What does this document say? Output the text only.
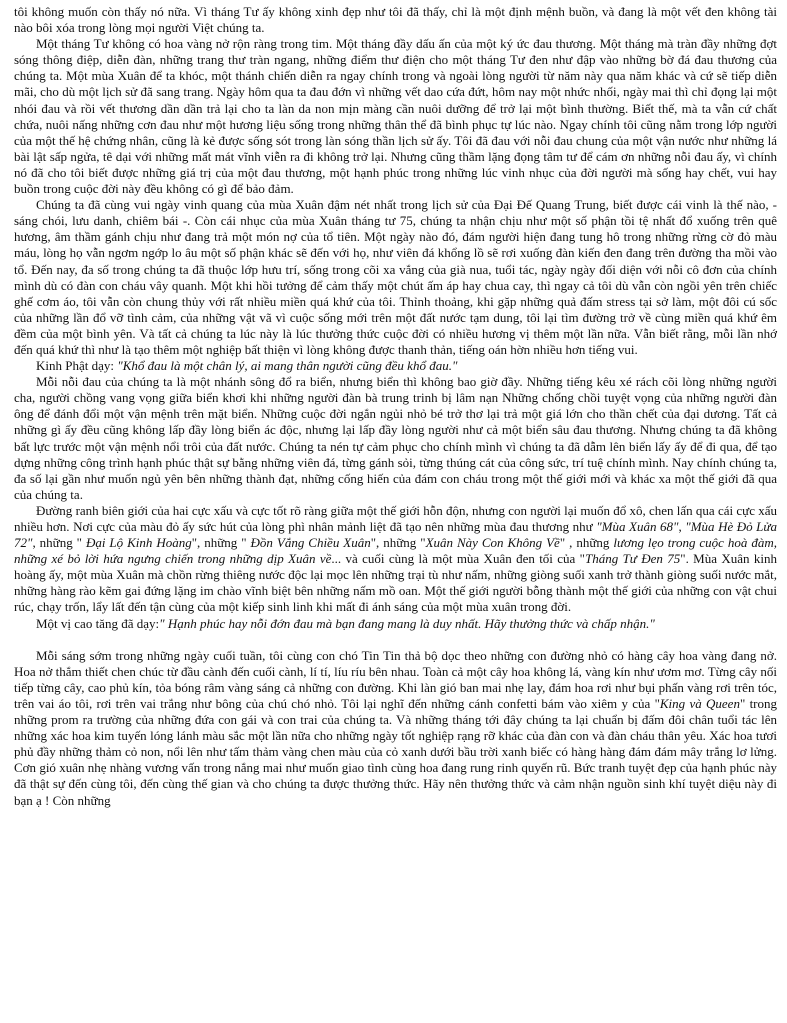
tôi không muốn còn thấy nó nữa. Vì tháng Tư ấy không xinh đẹp như tôi đã thấy, chỉ là một định mệnh buồn, và đang là một vết đen không tài nào bôi xóa trong lòng mọi người Việt chúng ta.

Một tháng Tư không có hoa vàng nở rộn ràng trong tim. Một tháng đầy dấu ấn của một ký ức đau thương. Một tháng mà tràn đầy những đợt sóng thông điệp, diễn đàn, những trang thư tràn ngang, những điểm thư điện cho một tháng Tư đen như đập vào những bờ đá đau thương của chúng ta. Một mùa Xuân để ta khóc, một thánh chiến diễn ra ngay chính trong và ngoài lòng người từ năm này qua năm khác và cứ sẽ tiếp diễn mãi, cho dù một lịch sử đã sang trang. Ngày hôm qua ta đau đớn vì những vết dao cứa đứt, hôm nay một nhức nhối, ngày mai thì chỉ đọng lại một nhói đau và rồi vết thương dần dần trả lại cho ta làn da non mịn màng cần nuôi dưỡng để trở lại một bình thường. Biết thế, mà ta vẫn cứ chất chứa, nuôi nấng những cơn đau như một hương liệu sống trong những thân thể đã bình phục tự lúc nào. Ngay chính tôi cũng nằm trong lớp người của một thế hệ chứng nhân, cũng là kẻ được sống sót trong làn sóng thần lịch sử ấy. Tôi đã đau với nỗi đau chung của một vận nước như những lá bài lật sấp ngửa, tê dại với những mất mát vĩnh viễn ra đi không trở lại. Nhưng cũng thầm lặng đọng tâm tư để cám ơn những nỗi đau ấy, vì chính nó đã cho tôi biết được những giá trị của một đau thương, một hạnh phúc trong những lúc vinh nhục của đời người mà sống hay chết, vui hay buồn trong cuộc đời này đều không có gì để bảo đảm.

Chúng ta đã cùng vui ngày vinh quang của mùa Xuân đậm nét nhất trong lịch sử của Đại Đế Quang Trung, biết được cái vinh là thế nào, - sáng chói, lưu danh, chiêm bái -. Còn cái nhục của mùa Xuân tháng tư 75, chúng ta nhận chịu như một số phận tồi tệ nhất đổ xuống trên quê hương, âm thầm gánh chịu như đang trả một món nợ của tổ tiên. Một ngày nào đó, đám người hiện đang tung hô trong những rừng cờ đỏ màu máu, lòng họ vẫn ngơm ngớp lo âu một số phận khác sẽ đến với họ, như viên đá khổng lồ sẽ rơi xuống đàn kiến đen đang trên đường tha mồi vào tổ. Đến nay, đa số trong chúng ta đã thuộc lớp hưu trí, sống trong cõi xa vắng của già nua, tuổi tác, ngày ngày đối diện với nỗi cô đơn của chính mình dù có đàn con cháu vây quanh. Một khi hồi tưởng để cảm thấy một chút ấm áp hay chua cay, thì ngay cả tôi dù vẫn còn ngồi yên trên chiếc ghế cơm áo, tôi vẫn còn chung thủy với rất nhiều miền quá khứ của tôi. Thỉnh thoảng, khi gặp những quả đấm stress tại sở làm, một đôi cú sốc của những lần đổ vỡ tình cảm, của những vật vã vì cuộc sống mới trên một đất nước tạm dung, tôi lại tìm đường trở về cùng miền quá khứ êm đềm của một bình yên. Và tất cả chúng ta lúc này là lúc thưởng thức cuộc đời có nhiều hương vị thêm một lần nữa. Vẫn biết rằng, mỗi lần nhớ đến quá khứ thì như là tạo thêm một nghiệp bất thiện vì lòng không được thanh thản, tiếng oán hờn nhiều hơn tiếng vui.

Kinh Phật dạy: "Khổ đau là một chân lý, ai mang thân người cũng đều khổ đau."

Mỗi nỗi đau của chúng ta là một nhánh sông đổ ra biển, nhưng biển thì không bao giờ đầy. Những tiếng kêu xé rách cõi lòng những người cha, người chồng vang vọng giữa biển khơi khi những người đàn bà trung trinh bị lâm nạn Những chống chồi tuyệt vọng của những người đàn ông để đánh đổi một vận mệnh trên mặt biển. Những cuộc đời ngắn ngủi nhỏ bé trở thơ lại trả một giá lớn cho thần chết của đại dương. Tất cả những gì ấy đều cũng không lấp đầy lòng biển ác độc, nhưng lại lấp đầy lòng người như cả một biển sâu đau thương. Nhưng chúng ta đã không bất lực trước một vận mệnh nổi trôi của đất nước. Chúng ta nén tự cảm phục cho chính mình vì chúng ta đã dẫm lên biển lấy ấy để đi qua, để tạo dựng những công trình hạnh phúc thật sự bằng những viên đá, từng gánh sỏi, từng thúng cát của công sức, trí tuệ chính mình. Nay chính chúng ta, đa số lại gần như muốn ngủ yên bên những thành đạt, những cống hiến của đám con cháu trong một thế giới mới và khác xa một thế giới đã qua của chúng ta.

Đường ranh biên giới của hai cực xấu và cực tốt rõ ràng giữa một thế giới hỗn độn, nhưng con người lại muốn đổ xô, chen lấn qua cái cực xấu nhiều hơn. Nơi cực của màu đỏ ấy sức hút của lòng phì nhân mảnh liệt đã tạo nên những mùa đau thương như "Mùa Xuân 68", "Mùa Hè Đỏ Lửa 72", những " Đại Lộ Kinh Hoàng", những " Đồn Vắng Chiều Xuân", những "Xuân Này Con Không Về" , những lương lẹo trong cuộc hoà đàm, những xé bỏ lời hứa ngưng chiến trong những dịp Xuân về... và cuối cùng là một mùa Xuân đen tối của "Tháng Tư Đen 75". Mùa Xuân kinh hoàng ấy, một mùa Xuân mà chồn rừng thiêng nước độc lại mọc lên những trại tù như nấm, những giòng suối xanh trở thành giòng suối nước mắt, những hàng rào kẽm gai đứng lặng im chào vĩnh biệt bên những nấm mồ oan. Một thế giới người bỗng thành một thế giới của những con vật chui rúc, chạy trốn, lẩy lất đến tận cùng của một kiếp sinh linh khi mất đi ánh sáng của một mùa xuân trong đời.

Một vị cao tăng đã dạy:" Hạnh phúc hay nỗi đớn đau mà bạn đang mang là duy nhất. Hãy thưởng thức và chấp nhận."

Mỗi sáng sớm trong những ngày cuối tuần, tôi cùng con chó Tin Tin thả bộ dọc theo những con đường nhỏ có hàng cây hoa vàng đang nở. Hoa nở thắm thiết chen chúc từ đầu cành đến cuối cành, lí tí, líu ríu bên nhau. Toàn cả một cây hoa không lá, vàng kín như ươm mơ. Từng cây nối tiếp từng cây, cao phủ kín, tỏa bóng râm vàng sáng cả những con đường. Khi làn gió ban mai nhẹ lay, đám hoa rơi như bụi phấn vàng rơi trên tóc, trên vai áo tôi, rơi trên vai trắng như bông của chú chó nhỏ. Tôi lại nghĩ đến những cánh confetti bám vào xiêm y của "King và Queen" trong những prom ra trường của những đứa con gái và con trai của chúng ta. Và những tháng tới đây chúng ta lại chuẩn bị đấm đôi chân tuổi tác lên những xác hoa kim tuyến lóng lánh màu sắc một lần nữa cho những ngày tốt nghiệp rạng rỡ khác của đàn con và đàn cháu thân yêu. Xác hoa tươi phủ đầy những thảm cỏ non, nổi lên như tấm thảm vàng chen màu của cỏ xanh dưới bầu trời xanh biếc có hàng hàng đám đám mây trắng lơ lửng. Cơn gió xuân nhẹ nhàng vương vấn trong nắng mai như muốn giao tình cùng hoa đang rung rinh quyến rũ. Bức tranh tuyệt đẹp của hạnh phúc này đã thật sự đến cùng tôi, đến cùng thế gian và cho chúng ta được thưởng thức. Hãy nên thưởng thức và cảm nhận nguồn sinh khí tuyệt diệu này đi bạn ạ ! Còn những
